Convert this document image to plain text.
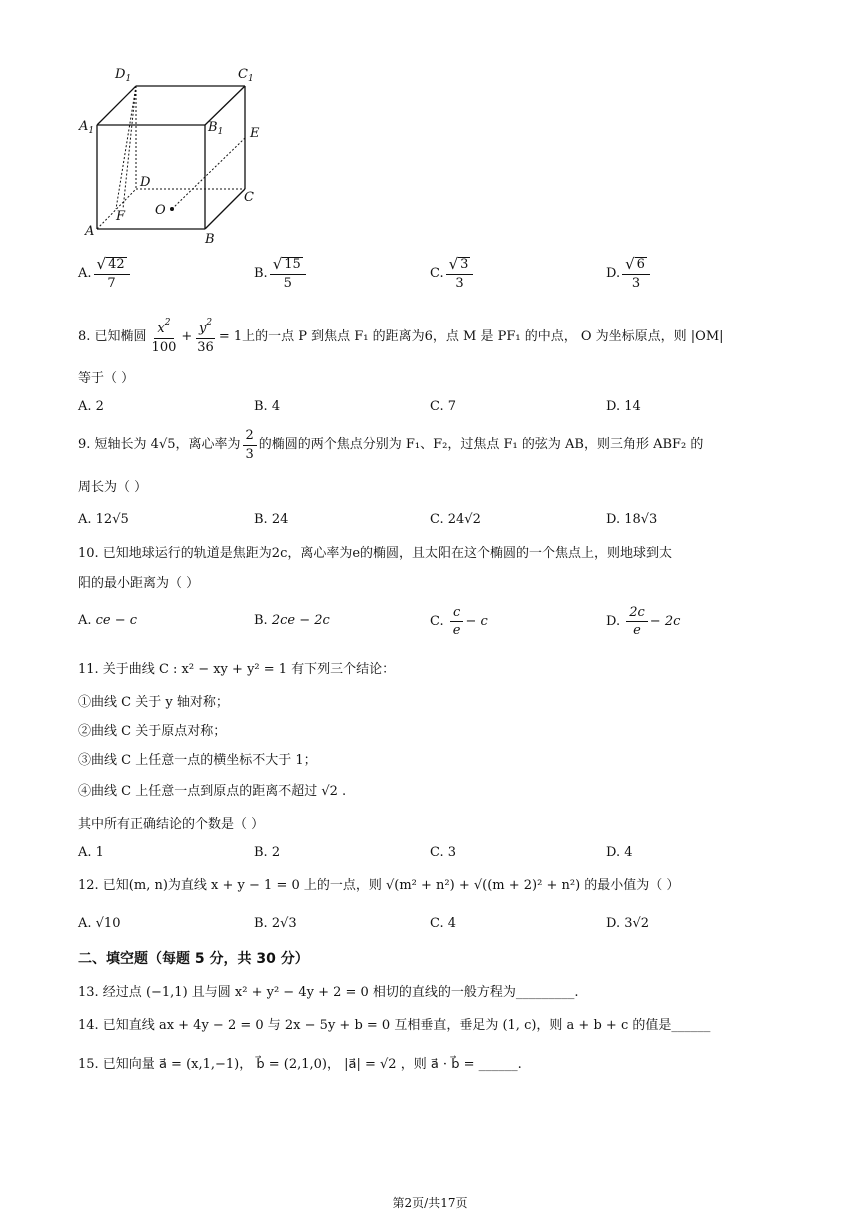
$D_1$	$C_1$
$A_1$	$B_1$ E
D
C
O
F
A
B
A. $\frac{√ 42}{7}$	B. $\frac{√ 15}{5}$	C. $\frac{√ 3}{3}$	D. $\frac{√ 6}{3}$
8. 已知椭圆 $\frac{x^2}{100} + \frac{y^2}{36} = 1$ 上的一点 P 到焦点 F₁ 的距离为6，点 M 是 PF₁ 的中点， O 为坐标原点，则 |OM|
等于（ ）
A. 2	B. 4	C. 7	D. 14
9. 短轴长为 4√5，离心率为 $\frac{2}{3}$ 的椭圆的两个焦点分别为 F₁、F₂，过焦点 F₁ 的弦为 AB，则三角形 ABF₂ 的
周长为（ ）
A. 12√5	B. 24	C. 24√2	D. 18√3
10. 已知地球运行的轨道是焦距为2c，离心率为e的椭圆，且太阳在这个椭圆的一个焦点上，则地球到太
阳的最小距离为（ ）
A. ce − c	B. 2ce − 2c	C. $\frac{c}{e} - c$	D. $\frac{2c}{e} - 2c$
11. 关于曲线 C : x² − xy + y² = 1 有下列三个结论：
①曲线 C 关于 y 轴对称；
②曲线 C 关于原点对称；
③曲线 C 上任意一点的横坐标不大于 1；
④曲线 C 上任意一点到原点的距离不超过 √2 .
其中所有正确结论的个数是（ ）
A. 1	B. 2	C. 3	D. 4
12. 已知(m, n)为直线 x + y − 1 = 0 上的一点，则 √(m² + n²) + √((m + 2)² + n²) 的最小值为（ ）
A. √10	B. 2√3	C. 4	D. 3√2
二、填空题（每题 5 分，共 30 分）
13. 经过点 (−1,1) 且与圆 x² + y² − 4y + 2 = 0 相切的直线的一般方程为_________.
14. 已知直线 ax + 4y − 2 = 0 与 2x − 5y + b = 0 互相垂直，垂足为 (1, c)，则 a + b + c 的值是______
15. 已知向量 a⃗ = (x,1,−1)， b⃗ = (2,1,0)， |a⃗| = √2 ，则 a⃗ · b⃗ = ______.
第2页/共17页
